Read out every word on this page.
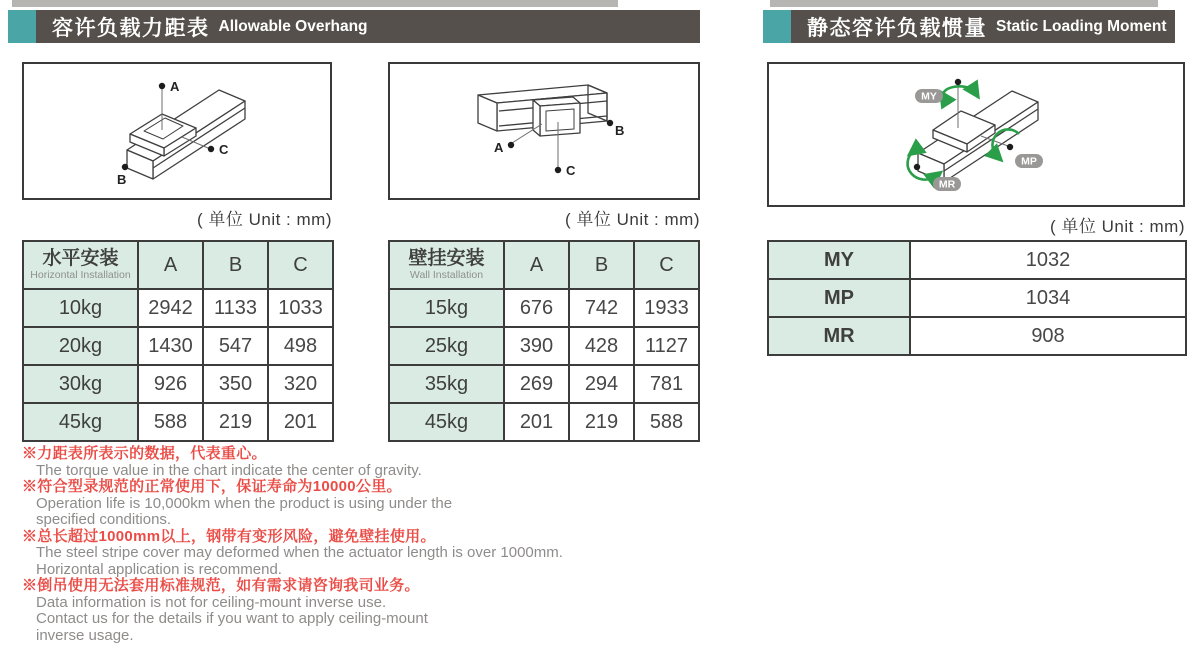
容许负载力距表 Allowable Overhang	静态容许负载惯量 Static Loading Moment
A
C
B
A
C
B
MY
MP
MR
( 单位 Unit : mm)	( 单位 Unit : mm)	( 单位 Unit : mm)
水平安装
Horizontal Installation	A	B	C
10kg	2942	1133	1033
20kg	1430	547	498
30kg	926	350	320
45kg	588	219	201
壁挂安装
Wall Installation	A	B	C
15kg	676	742	1933
25kg	390	428	1127
35kg	269	294	781
45kg	201	219	588
MY	1032
MP	1034
MR	908
※力距表所表示的数据，代表重心。
The torque value in the chart indicate the center of gravity.
※符合型录规范的正常使用下，保证寿命为10000公里。
Operation life is 10,000km when the product is using under the
specified conditions.
※总长超过1000mm以上，钢带有变形风险，避免壁挂使用。
The steel stripe cover may deformed when the actuator length is over 1000mm.
Horizontal application is recommend.
※倒吊使用无法套用标准规范，如有需求请咨询我司业务。
Data information is not for ceiling-mount inverse use.
Contact us for the details if you want to apply ceiling-mount
inverse usage.
